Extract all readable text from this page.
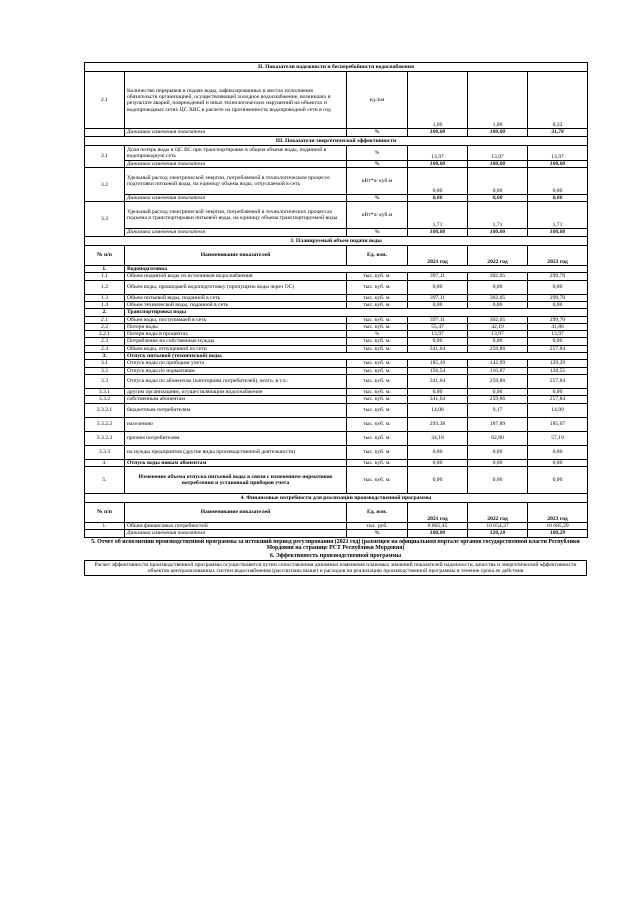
II. Показатели надежности и бесперебойности водоснабжения					
2.1	Количество перерывов в подаче воды, зафиксированных в местах исполнения обязательств организацией, осуществляющей холодное водоснабжение, возникших в результате аварий, повреждений и иных технологических нарушений на объектах и водопроводных сетях ЦС ХВС в расчете на протяженность водопроводной сети в год	ед./км	1,00	1,00	0,32
	Динамика изменения показателя	%	100,00	100,00	31,78
III. Показатели энергетической эффективности					
3.1	Доля потерь воды в ЦС ВС при транспортировке в общем объеме воды, поданной в водопроводную сеть	%	13,97	13,97	13,97
	Динамика изменения показателя	%	100,00	100,00	100,00
3.2	Удельный расход электрической энергии, потребляемой в технологическом процессе подготовки питьевой воды, на единицу объема воды, отпускаемой в сеть	кВт*ч/ куб.м	0,00	0,00	0,00
	Динамика изменения показателя	%	0,00	0,00	0,00
3.3	Удельный расход электрической энергии, потребляемой в технологических процессах подъема и транспортировки питьевой воды, на единицу объема транспортируемой воды	кВт*ч/ куб.м	1,71	1,71	1,71
	Динамика изменения показателя	%	100,00	100,00	100,00
3. Планируемый объем подачи воды					
№ п/п	Наименование показателей	Ед. изм.	2021 год	2022 год	2023 год
1.	Водоподготовка				
1.1	Объем поднятой воды из источников водоснабжения	тыс. куб. м.	397,11	302,05	299,70
1.2	Объем воды, прошедшей водоподготовку (пропущено воды через ОС)	тыс. куб. м.	0,00	0,00	0,00
1.3	Объем питьевой воды, поданной в сеть	тыс. куб. м.	397,11	302,05	299,70
1.4	Объем технической воды, поданной в сеть	тыс. куб. м.	0,00	0,00	0,00
2.	Транспортировка воды				
2.1	Объем воды, поступившей в сеть	тыс. куб. м.	397,11	302,05	299,70
2.2	Потери воды	тыс. куб. м.	55,47	42,19	41,86
2.2.1	Потери воды в процентах	%	13,97	13,97	13,97
2.3	Потребление на собственные нужды	тыс. куб. м.	0,00	0,00	0,00
2.4	Объем воды, отпущенной из сети	тыс. куб. м.	341,64	259,86	257,84
3.	Отпуск питьевой (технической) воды				
3.1	Отпуск воды по приборам учета	тыс. куб. м.	185,10	142,99	129,29
3.2	Отпуск воды по нормативам	тыс. куб. м.	156,54	116,87	128,55
3.3	Отпуск воды по абонентам (категориям потребителей), всего, в т.ч.:	тыс. куб. м.	341,64	259,86	257,84
3.3.1	другим организациям, осуществляющим водоснабжение	тыс. куб. м.	0,00	0,00	0,00
3.3.2	собственным абонентам	тыс. куб. м.	341,64	259,86	257,84
3.3.2.1	бюджетным потребителям	тыс. куб. м.	14,08	9,17	14,99
3.3.2.2	населению	тыс. куб. м.	293,38	187,89	185,67
3.3.2.3	прочим потребителям	тыс. куб. м.	34,18	62,80	57,19
3.3.3	на нужды предприятия (другие виды производственной деятельности)	тыс. куб. м.	0,00	0,00	0,00
4.	Отпуск воды новым абонентам	тыс. куб. м.	0,00	0,00	0,00
5.	Изменение объема отпуска питьевой воды в связи с изменением нормативов потребления и установкой приборов учета	тыс. куб. м.	0,00	0,00	0,00
4. Финансовые потребности для реализации производственной программы					
№ п/п	Наименование показателей	Ед. изм.	2021 год	2022 год	2023 год
1.	Объем финансовых потребностей	тыс. руб.	8 865,45	10 654,27	10 685,29
	Динамика изменения показателя	%	100,00	120,18	100,29
5. Отчет об исполнении производственной программы за истекший период регулирования (2021 год) (размещен на официальном портале органов государственной власти Республики Мордовия на странице РСТ Республики Мордовия)
6. Эффективность производственной программы
Расчет эффективности производственной программы осуществляется путем сопоставления динамики изменения плановых значений показателей надежности, качества и энергетической эффективности объектов централизованных систем водоснабжения (рассчитаны выше) и расходов на реализацию производственной программы в течение срока ее действия
